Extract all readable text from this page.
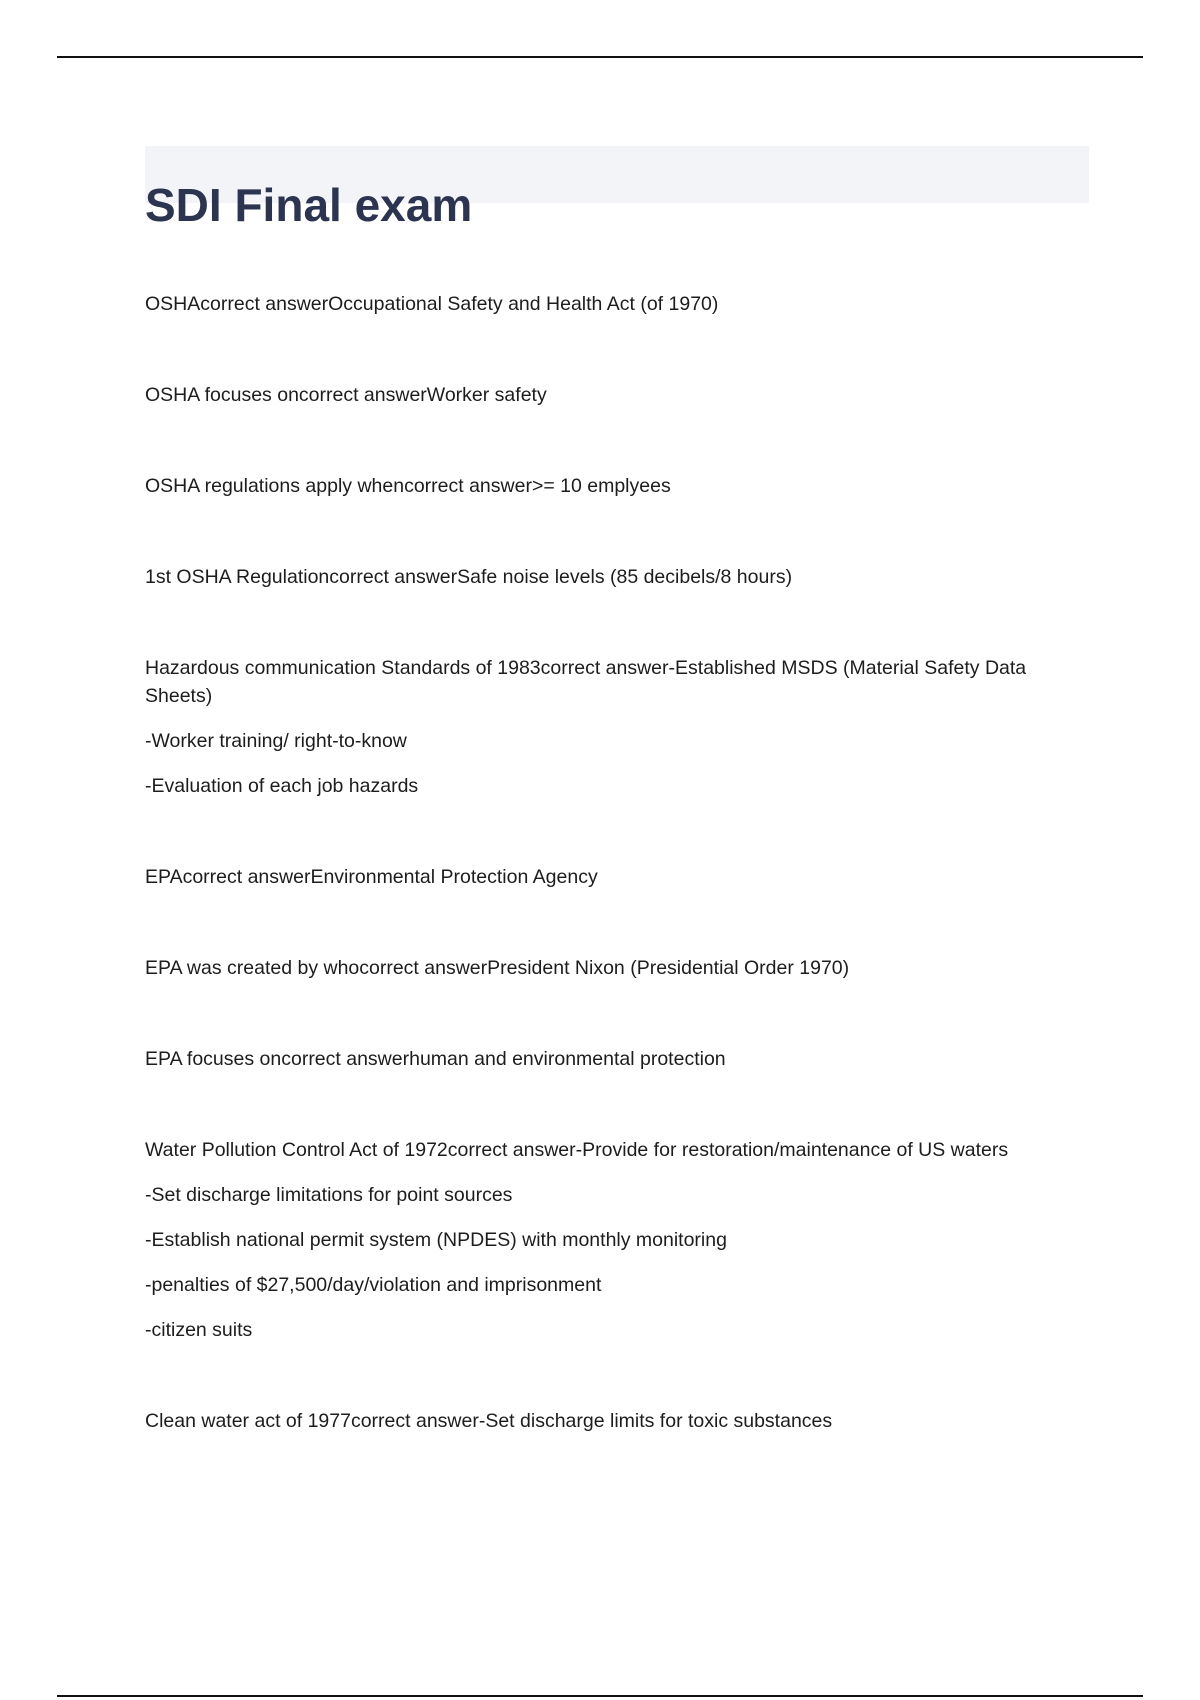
SDI Final exam

OSHAcorrect answerOccupational Safety and Health Act (of 1970)

OSHA focuses oncorrect answerWorker safety

OSHA regulations apply whencorrect answer>= 10 emplyees

1st OSHA Regulationcorrect answerSafe noise levels (85 decibels/8 hours)

Hazardous communication Standards of 1983correct answer-Established MSDS (Material Safety Data Sheets)

-Worker training/ right-to-know

-Evaluation of each job hazards

EPAcorrect answerEnvironmental Protection Agency

EPA was created by whocorrect answerPresident Nixon (Presidential Order 1970)

EPA focuses oncorrect answerhuman and environmental protection

Water Pollution Control Act of 1972correct answer-Provide for restoration/maintenance of US waters

-Set discharge limitations for point sources

-Establish national permit system (NPDES) with monthly monitoring

-penalties of $27,500/day/violation and imprisonment

-citizen suits

Clean water act of 1977correct answer-Set discharge limits for toxic substances
